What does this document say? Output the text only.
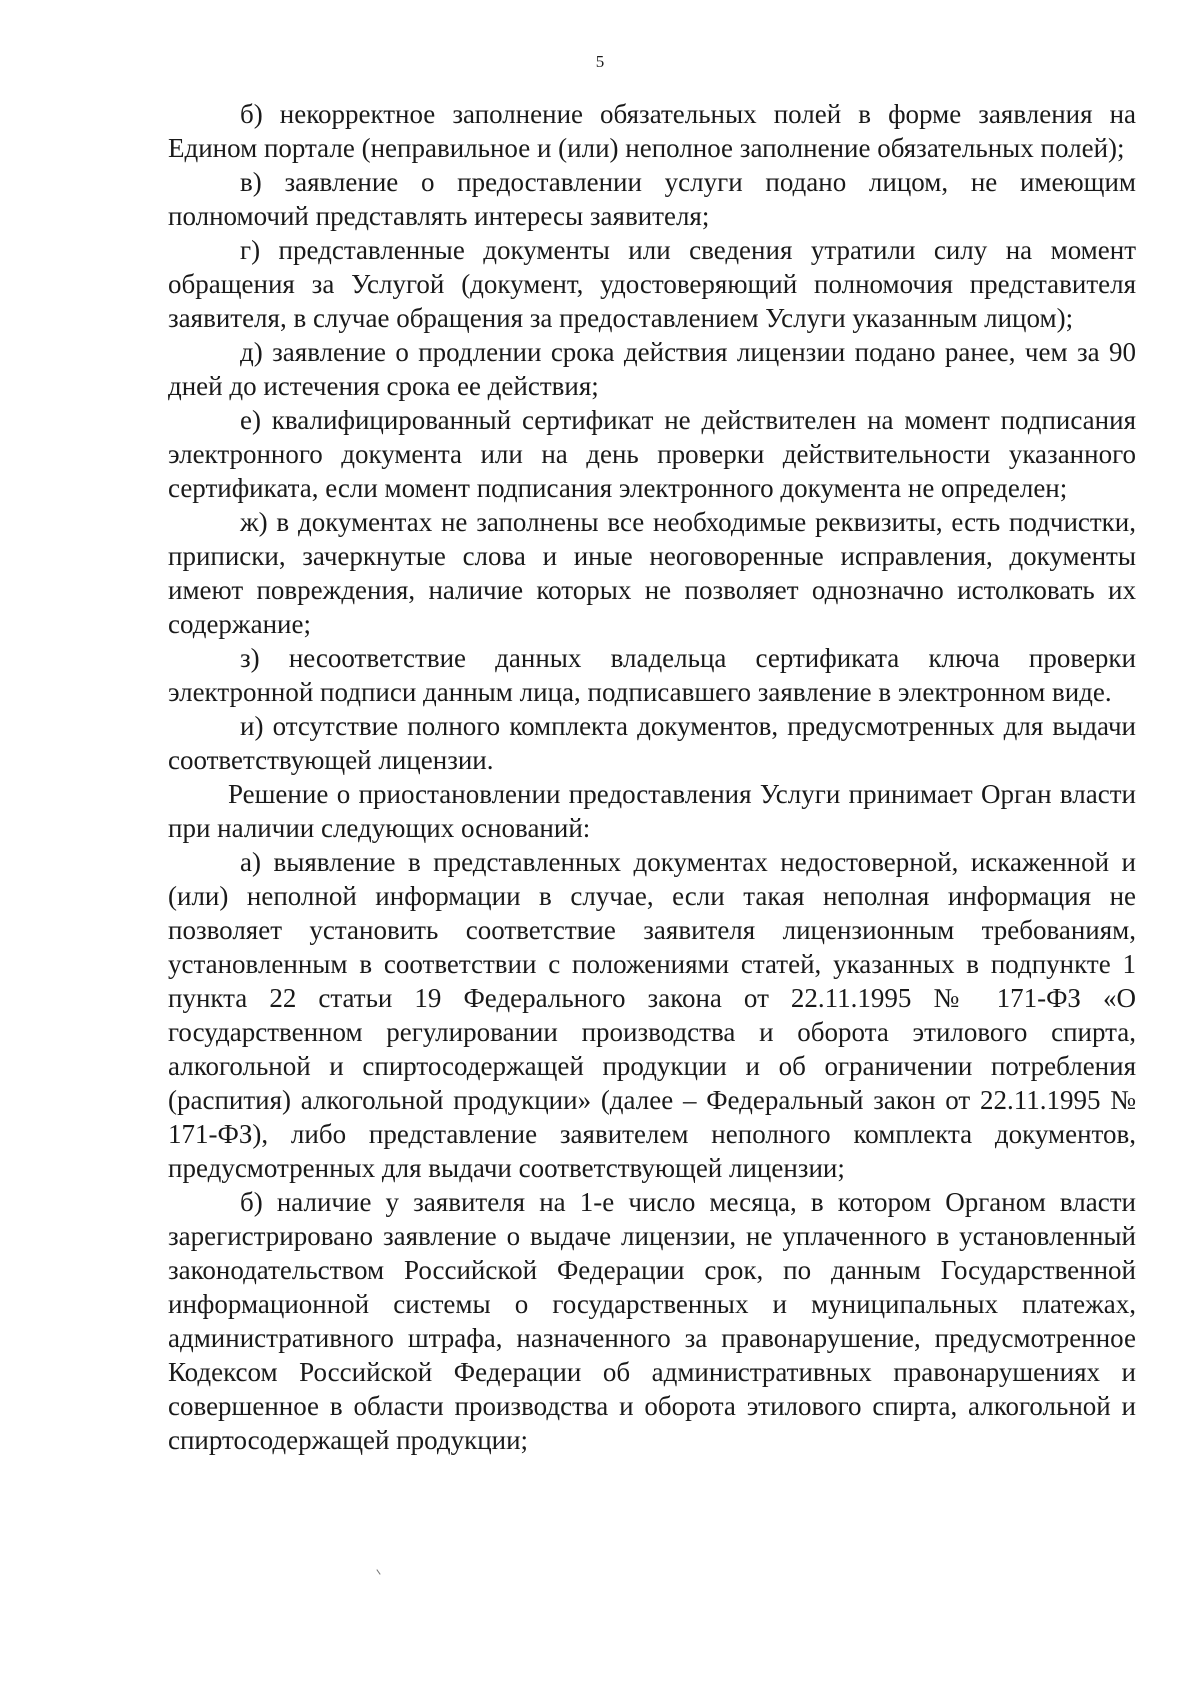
5

б) некорректное заполнение обязательных полей в форме заявления на Едином портале (неправильное и (или) неполное заполнение обязательных полей);

в) заявление о предоставлении услуги подано лицом, не имеющим полномочий представлять интересы заявителя;

г) представленные документы или сведения утратили силу на момент обращения за Услугой (документ, удостоверяющий полномочия представителя заявителя, в случае обращения за предоставлением Услуги указанным лицом);

д) заявление о продлении срока действия лицензии подано ранее, чем за 90 дней до истечения срока ее действия;

е) квалифицированный сертификат не действителен на момент подписания электронного документа или на день проверки действительности указанного сертификата, если момент подписания электронного документа не определен;

ж) в документах не заполнены все необходимые реквизиты, есть подчистки, приписки, зачеркнутые слова и иные неоговоренные исправления, документы имеют повреждения, наличие которых не позволяет однозначно истолковать их содержание;

з) несоответствие данных владельца сертификата ключа проверки электронной подписи данным лица, подписавшего заявление в электронном виде.

и) отсутствие полного комплекта документов, предусмотренных для выдачи соответствующей лицензии.

Решение о приостановлении предоставления Услуги принимает Орган власти при наличии следующих оснований:

а) выявление в представленных документах недостоверной, искаженной и (или) неполной информации в случае, если такая неполная информация не позволяет установить соответствие заявителя лицензионным требованиям, установленным в соответствии с положениями статей, указанных в подпункте 1 пункта 22 статьи 19 Федерального закона от 22.11.1995 № 171-ФЗ «О государственном регулировании производства и оборота этилового спирта, алкогольной и спиртосодержащей продукции и об ограничении потребления (распития) алкогольной продукции» (далее – Федеральный закон от 22.11.1995 № 171-ФЗ), либо представление заявителем неполного комплекта документов, предусмотренных для выдачи соответствующей лицензии;

б) наличие у заявителя на 1-е число месяца, в котором Органом власти зарегистрировано заявление о выдаче лицензии, не уплаченного в установленный законодательством Российской Федерации срок, по данным Государственной информационной системы о государственных и муниципальных платежах, административного штрафа, назначенного за правонарушение, предусмотренное Кодексом Российской Федерации об административных правонарушениях и совершенное в области производства и оборота этилового спирта, алкогольной и спиртосодержащей продукции;
